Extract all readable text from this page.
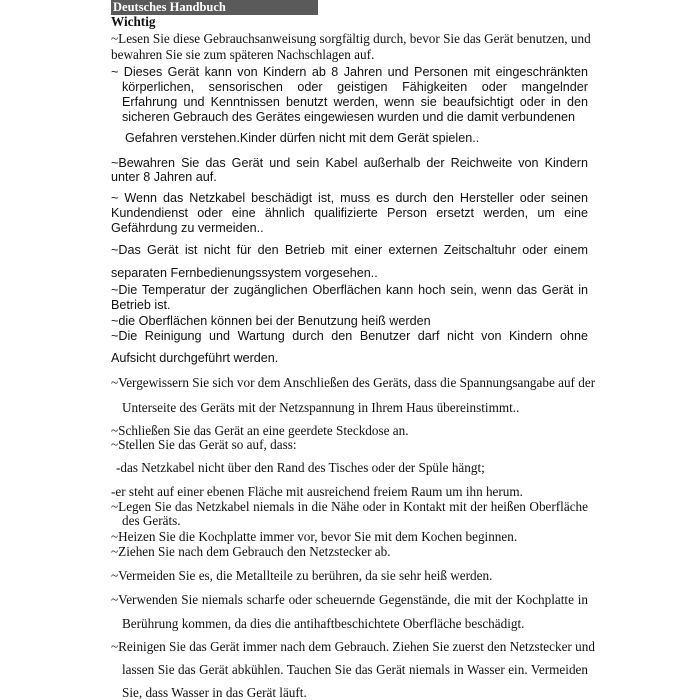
Deutsches Handbuch
Wichtig
~Lesen Sie diese Gebrauchsanweisung sorgfältig durch, bevor Sie das Gerät benutzen, und
bewahren Sie sie zum späteren Nachschlagen auf.
~ Dieses Gerät kann von Kindern ab 8 Jahren und Personen mit eingeschränkten
körperlichen, sensorischen oder geistigen Fähigkeiten oder mangelnder
Erfahrung und Kenntnissen benutzt werden, wenn sie beaufsichtigt oder in den
sicheren Gebrauch des Gerätes eingewiesen wurden und die damit verbundenen
Gefahren verstehen.Kinder dürfen nicht mit dem Gerät spielen..
~Bewahren Sie das Gerät und sein Kabel außerhalb der Reichweite von Kindern
unter 8 Jahren auf.
~ Wenn das Netzkabel beschädigt ist, muss es durch den Hersteller oder seinen
Kundendienst oder eine ähnlich qualifizierte Person ersetzt werden, um eine
Gefährdung zu vermeiden..
~Das Gerät ist nicht für den Betrieb mit einer externen Zeitschaltuhr oder einem
separaten Fernbedienungssystem vorgesehen..
~Die Temperatur der zugänglichen Oberflächen kann hoch sein, wenn das Gerät in
Betrieb ist.
~die Oberflächen können bei der Benutzung heiß werden
~Die Reinigung und Wartung durch den Benutzer darf nicht von Kindern ohne
Aufsicht durchgeführt werden.
~Vergewissern Sie sich vor dem Anschließen des Geräts, dass die Spannungsangabe auf der
Unterseite des Geräts mit der Netzspannung in Ihrem Haus übereinstimmt..
~Schließen Sie das Gerät an eine geerdete Steckdose an.
~Stellen Sie das Gerät so auf, dass:
-das Netzkabel nicht über den Rand des Tisches oder der Spüle hängt;
-er steht auf einer ebenen Fläche mit ausreichend freiem Raum um ihn herum.
~Legen Sie das Netzkabel niemals in die Nähe oder in Kontakt mit der heißen Oberfläche
des Geräts.
~Heizen Sie die Kochplatte immer vor, bevor Sie mit dem Kochen beginnen.
~Ziehen Sie nach dem Gebrauch den Netzstecker ab.
~Vermeiden Sie es, die Metallteile zu berühren, da sie sehr heiß werden.
~Verwenden Sie niemals scharfe oder scheuernde Gegenstände, die mit der Kochplatte in
Berührung kommen, da dies die antihaftbeschichtete Oberfläche beschädigt.
~Reinigen Sie das Gerät immer nach dem Gebrauch. Ziehen Sie zuerst den Netzstecker und
lassen Sie das Gerät abkühlen. Tauchen Sie das Gerät niemals in Wasser ein. Vermeiden
Sie, dass Wasser in das Gerät läuft.
